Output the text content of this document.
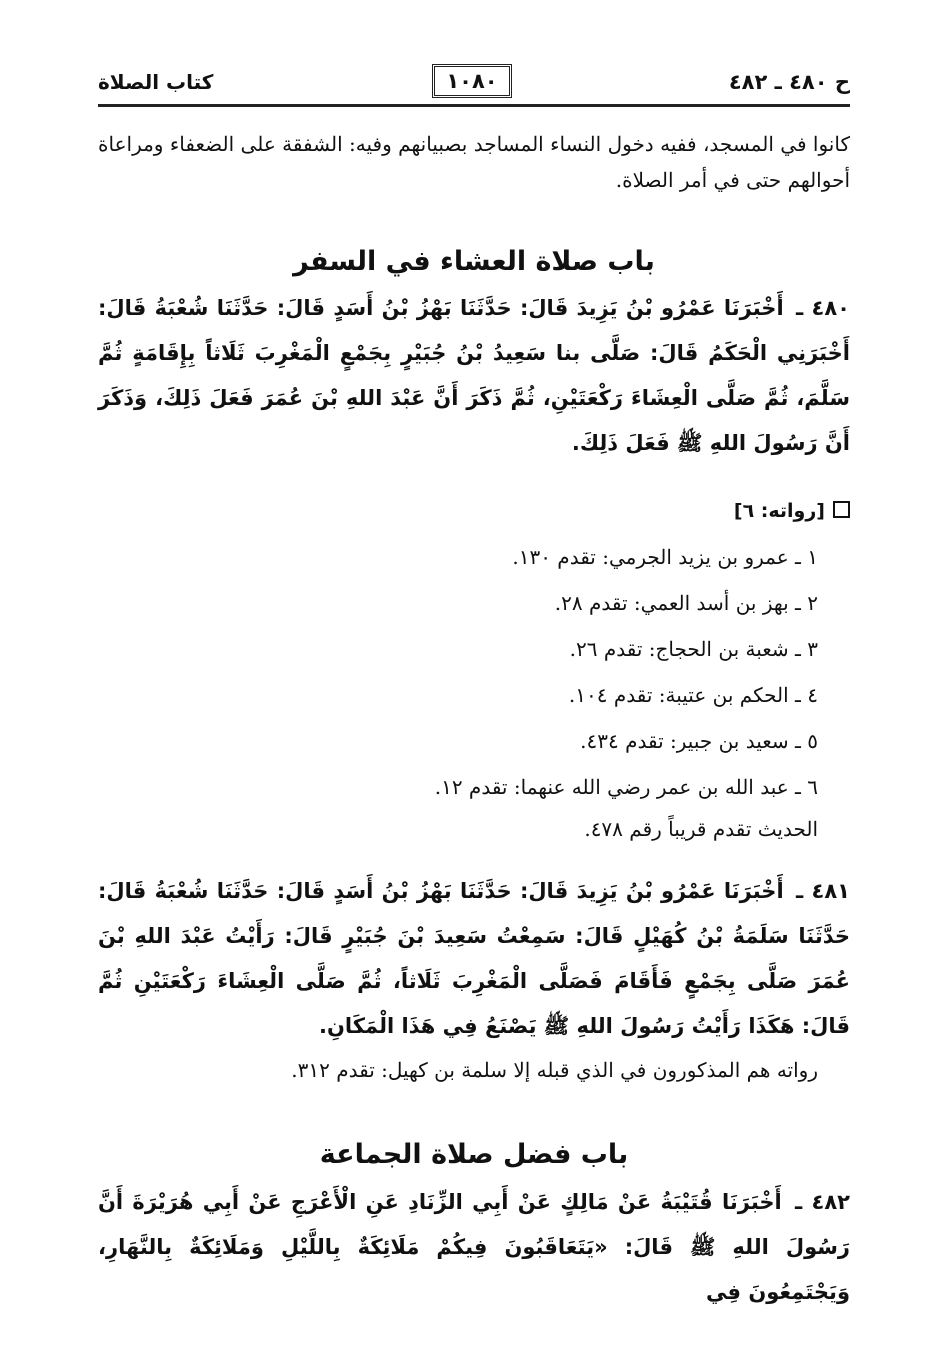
ح ٤٨٠ ـ ٤٨٢
١٠٨٠
كتاب الصلاة
كانوا في المسجد، ففيه دخول النساء المساجد بصبيانهم وفيه: الشفقة على الضعفاء ومراعاة أحوالهم حتى في أمر الصلاة.
باب صلاة العشاء في السفر
٤٨٠ ـ أَخْبَرَنَا عَمْرُو بْنُ يَزِيدَ قَالَ: حَدَّثَنَا بَهْزُ بْنُ أَسَدٍ قَالَ: حَدَّثَنَا شُعْبَةُ قَالَ: أَخْبَرَنِي الْحَكَمُ قَالَ: صَلَّى بنا سَعِيدُ بْنُ جُبَيْرٍ بِجَمْعٍ الْمَغْرِبَ ثَلَاثاً بِإِقَامَةٍ ثُمَّ سَلَّمَ، ثُمَّ صَلَّى الْعِشَاءَ رَكْعَتَيْنِ، ثُمَّ ذَكَرَ أَنَّ عَبْدَ اللهِ بْنَ عُمَرَ فَعَلَ ذَلِكَ، وَذَكَرَ أَنَّ رَسُولَ اللهِ ﷺ فَعَلَ ذَلِكَ.
[رواته: ٦]
١ ـ عمرو بن يزيد الجرمي: تقدم ١٣٠.
٢ ـ بهز بن أسد العمي: تقدم ٢٨.
٣ ـ شعبة بن الحجاج: تقدم ٢٦.
٤ ـ الحكم بن عتيبة: تقدم ١٠٤.
٥ ـ سعيد بن جبير: تقدم ٤٣٤.
٦ ـ عبد الله بن عمر رضي الله عنهما: تقدم ١٢.
الحديث تقدم قريباً رقم ٤٧٨.
٤٨١ ـ أَخْبَرَنَا عَمْرُو بْنُ يَزِيدَ قَالَ: حَدَّثَنَا بَهْزُ بْنُ أَسَدٍ قَالَ: حَدَّثَنَا شُعْبَةُ قَالَ: حَدَّثَنَا سَلَمَةُ بْنُ كُهَيْلٍ قَالَ: سَمِعْتُ سَعِيدَ بْنَ جُبَيْرٍ قَالَ: رَأَيْتُ عَبْدَ اللهِ بْنَ عُمَرَ صَلَّى بِجَمْعٍ فَأَقَامَ فَصَلَّى الْمَغْرِبَ ثَلَاثاً، ثُمَّ صَلَّى الْعِشَاءَ رَكْعَتَيْنِ ثُمَّ قَالَ: هَكَذَا رَأَيْتُ رَسُولَ اللهِ ﷺ يَصْنَعُ فِي هَذَا الْمَكَانِ.
رواته هم المذكورون في الذي قبله إلا سلمة بن كهيل: تقدم ٣١٢.
باب فضل صلاة الجماعة
٤٨٢ ـ أَخْبَرَنَا قُتَيْبَةُ عَنْ مَالِكٍ عَنْ أَبِي الزِّنَادِ عَنِ الْأَعْرَجِ عَنْ أَبِي هُرَيْرَةَ أَنَّ رَسُولَ اللهِ ﷺ قَالَ: «يَتَعَاقَبُونَ فِيكُمْ مَلَائِكَةٌ بِاللَّيْلِ وَمَلَائِكَةٌ بِالنَّهَارِ، وَيَجْتَمِعُونَ فِي
